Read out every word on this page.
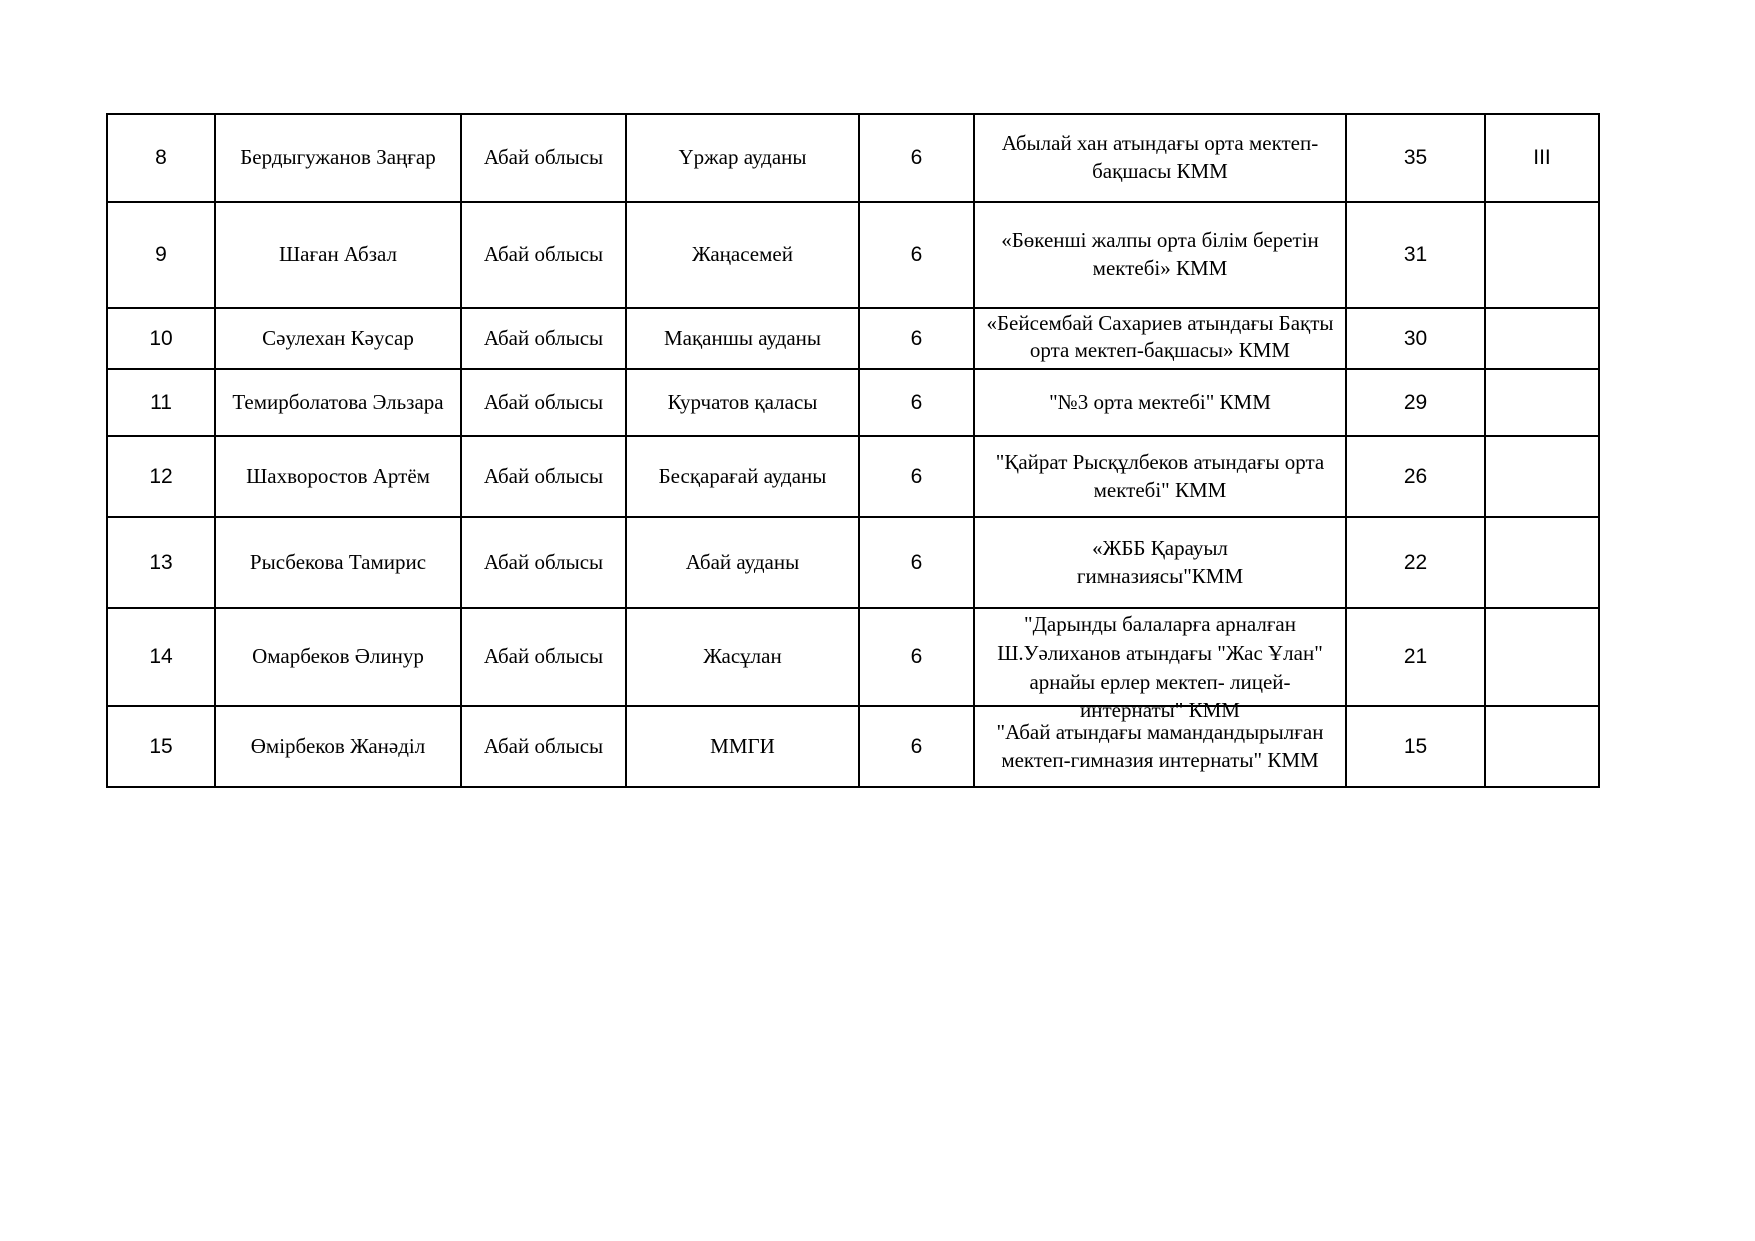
8	Бердыгужанов Заңғар	Абай облысы	Үржар ауданы	6	Абылай хан атындағы орта мектеп-бақшасы КММ	35	III
9	Шаған Абзал	Абай облысы	Жаңасемей	6	«Бөкенші жалпы орта білім беретін мектебі» КММ	31	
10	Сәулехан Кәусар	Абай облысы	Мақаншы ауданы	6	«Бейсембай Сахариев атындағы Бақты орта мектеп-бақшасы» КММ	30	
11	Темирболатова Эльзара	Абай облысы	Курчатов қаласы	6	"№3 орта мектебі" КММ	29	
12	Шахворостов Артём	Абай облысы	Бесқарағай ауданы	6	"Қайрат Рысқұлбеков атындағы орта мектебі" КММ	26	
13	Рысбекова Тамирис	Абай облысы	Абай ауданы	6	«ЖББ Қарауыл гимназиясы"КММ	22	
14	Омарбеков Әлинур	Абай облысы	Жасұлан	6	"Дарынды балаларға арналған Ш.Уәлиханов атындағы "Жас Ұлан" арнайы ерлер мектеп- лицей-интернаты" КММ	21	
15	Өмірбеков Жанәділ	Абай облысы	ММГИ	6	"Абай атындағы мамандандырылған мектеп-гимназия интернаты" КММ	15	
